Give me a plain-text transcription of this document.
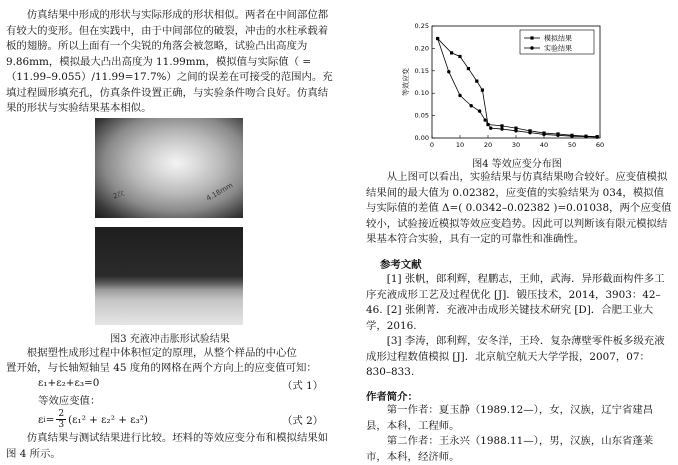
仿真结果中形成的形状与实际形成的形状相似。两者在中间部位都有较大的变形。但在实践中，由于中间部位的破裂，冲击的水柱承载着板的翅膀。所以上面有一个尖锐的角落会被忽略，试验凸出高度为 9.86mm，模拟最大凸出高度为 11.99mm，模拟值与实际值（ =（11.99–9.055）/11.99=17.7%）之间的误差在可接受的范围内。充填过程圆形填充孔，仿真条件设置正确，与实验条件吻合良好。仿真结果的形状与实验结果基本相似。

2次	4.18mm
图3 充液冲击胀形试验结果

根据塑性成形过程中体积恒定的原理，从整个样品的中心位

置开始，与长轴短轴呈 45 度角的网格在两个方向上的应变值可知：

ε₁+ε₂+ε₃=0	（式 1）
等效应变值：
ε $i = \frac{2}{3} (\varepsilon_1^2 + \varepsilon_2^2 + \varepsilon_3^2)$	（式 2）

仿真结果与测试结果进行比较。坯料的等效应变分布和模拟结果如图 4 所示。

0	10	20	30	40	50	60
0.00
0.05
0.10
0.15
0.20
0.25
等效应变
模拟结果
实验结果
图4 等效应变分布图

从上图可以看出，实验结果与仿真结果吻合较好。应变值模拟结果间的最大值为 0.02382，应变值的实验结果为 034，模拟值与实际值的差值 Δ=( 0.0342–0.02382 )=0.01038，两个应变值较小，试验接近模拟等效应变趋势。因此可以判断该有限元模拟结果基本符合实验，具有一定的可靠性和准确性。

参考文献

[1] 张帆，郎利辉，程鹏志，王帅，武海．异形截面构件多工序充液成形工艺及过程优化 [J]．锻压技术，2014，3903：42–46. [2] 张俐菁．充液冲击成形关键技术研究 [D]．合肥工业大学，2016.

[3] 李涛，郎利辉，安冬洋，王玲．复杂薄壁零件板多级充液成形过程数值模拟 [J]．北京航空航天大学学报，2007，07：830–833.

作者简介：

第一作者：夏玉静（1989.12—），女，汉族，辽宁省建昌县，本科，工程师。

第二作者：王永兴（1988.11—），男，汉族，山东省蓬莱市，本科，经济师。
